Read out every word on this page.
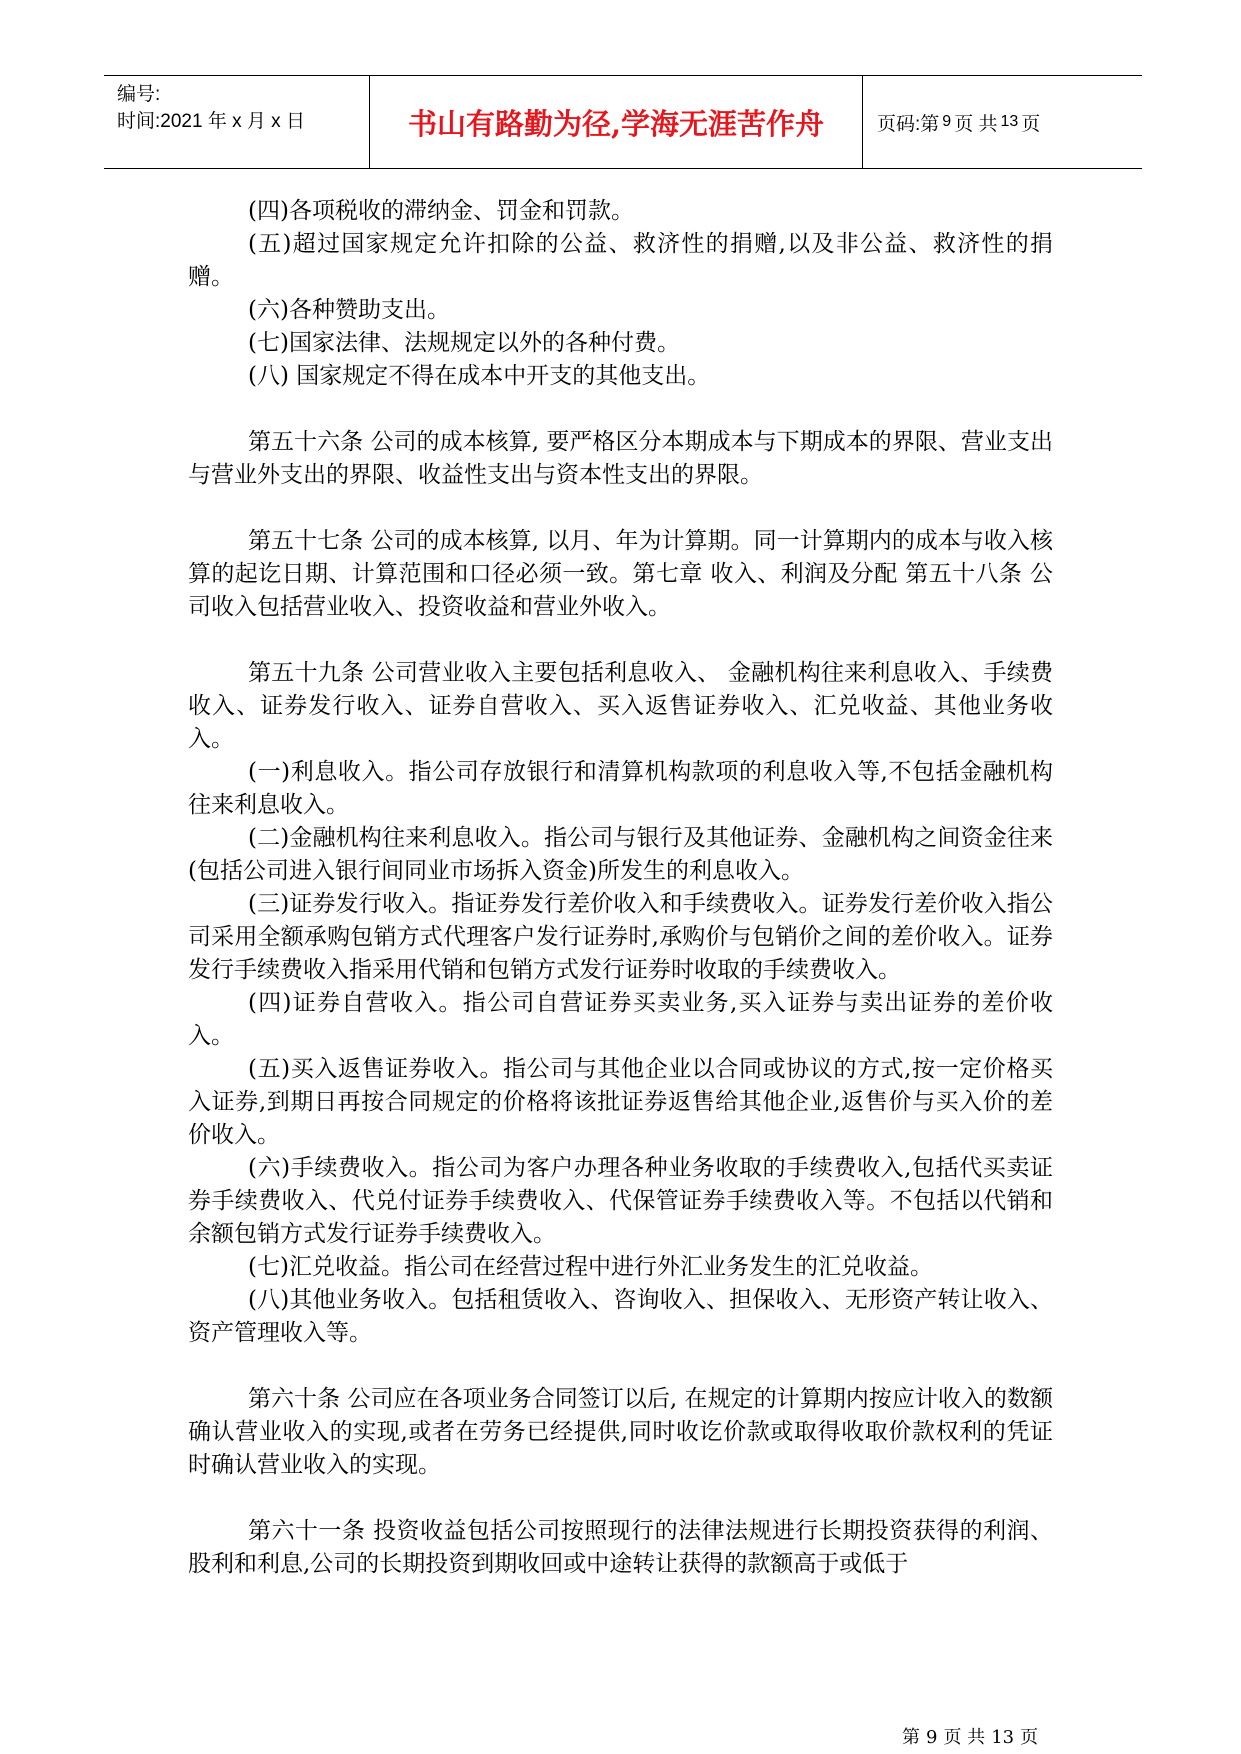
编号:
时间:2021 年 x 月 x 日	书山有路勤为径,学海无涯苦作舟	页码:第 9 页 共 13 页

(四)各项税收的滞纳金、罚金和罚款。

(五)超过国家规定允许扣除的公益、救济性的捐赠,以及非公益、救济性的捐赠。

(六)各种赞助支出。

(七)国家法律、法规规定以外的各种付费。

(八) 国家规定不得在成本中开支的其他支出。

第五十六条 公司的成本核算, 要严格区分本期成本与下期成本的界限、营业支出与营业外支出的界限、收益性支出与资本性支出的界限。

第五十七条 公司的成本核算, 以月、年为计算期。同一计算期内的成本与收入核算的起讫日期、计算范围和口径必须一致。第七章 收入、利润及分配 第五十八条 公司收入包括营业收入、投资收益和营业外收入。

第五十九条 公司营业收入主要包括利息收入、 金融机构往来利息收入、手续费收入、证券发行收入、证券自营收入、买入返售证券收入、汇兑收益、其他业务收入。

(一)利息收入。指公司存放银行和清算机构款项的利息收入等,不包括金融机构往来利息收入。

(二)金融机构往来利息收入。指公司与银行及其他证券、金融机构之间资金往来(包括公司进入银行间同业市场拆入资金)所发生的利息收入。

(三)证券发行收入。指证券发行差价收入和手续费收入。证券发行差价收入指公司采用全额承购包销方式代理客户发行证券时,承购价与包销价之间的差价收入。证券发行手续费收入指采用代销和包销方式发行证券时收取的手续费收入。

(四)证券自营收入。指公司自营证券买卖业务,买入证券与卖出证券的差价收入。

(五)买入返售证券收入。指公司与其他企业以合同或协议的方式,按一定价格买入证券,到期日再按合同规定的价格将该批证券返售给其他企业,返售价与买入价的差价收入。

(六)手续费收入。指公司为客户办理各种业务收取的手续费收入,包括代买卖证券手续费收入、代兑付证券手续费收入、代保管证券手续费收入等。不包括以代销和余额包销方式发行证券手续费收入。

(七)汇兑收益。指公司在经营过程中进行外汇业务发生的汇兑收益。

(八)其他业务收入。包括租赁收入、咨询收入、担保收入、无形资产转让收入、资产管理收入等。

第六十条 公司应在各项业务合同签订以后, 在规定的计算期内按应计收入的数额确认营业收入的实现,或者在劳务已经提供,同时收讫价款或取得收取价款权利的凭证时确认营业收入的实现。

第六十一条 投资收益包括公司按照现行的法律法规进行长期投资获得的利润、股利和利息,公司的长期投资到期收回或中途转让获得的款额高于或低于

第 9 页 共 13 页
